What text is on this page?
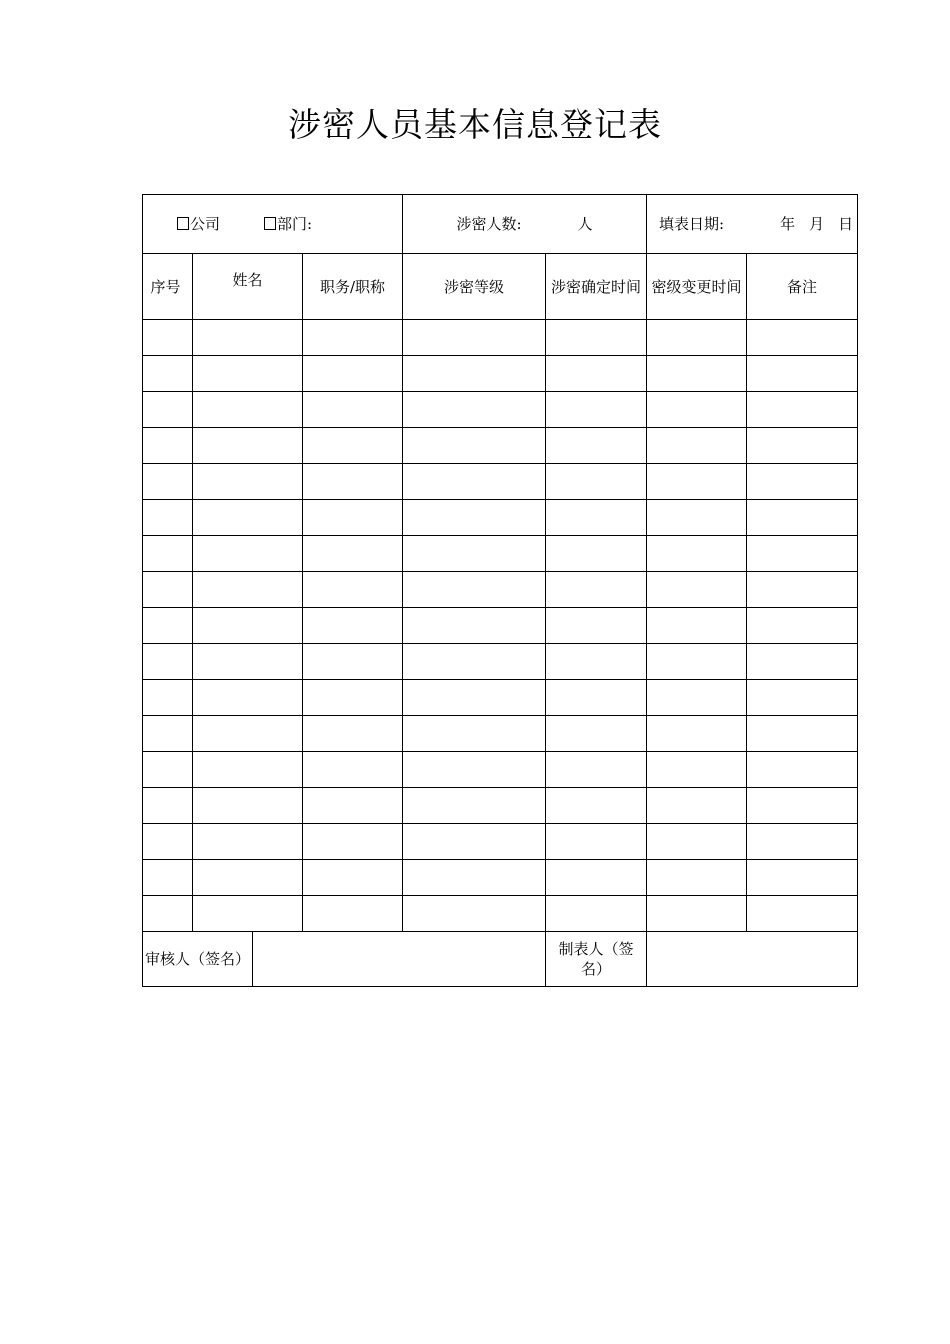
涉密人员基本信息登记表
公司 部门:				涉密人数: 人		填表日期: 年 月 日	
序号	姓名		职务/职称	涉密等级	涉密确定时间	密级变更时间	备注

审核人（签名）					制表人（签名）		
